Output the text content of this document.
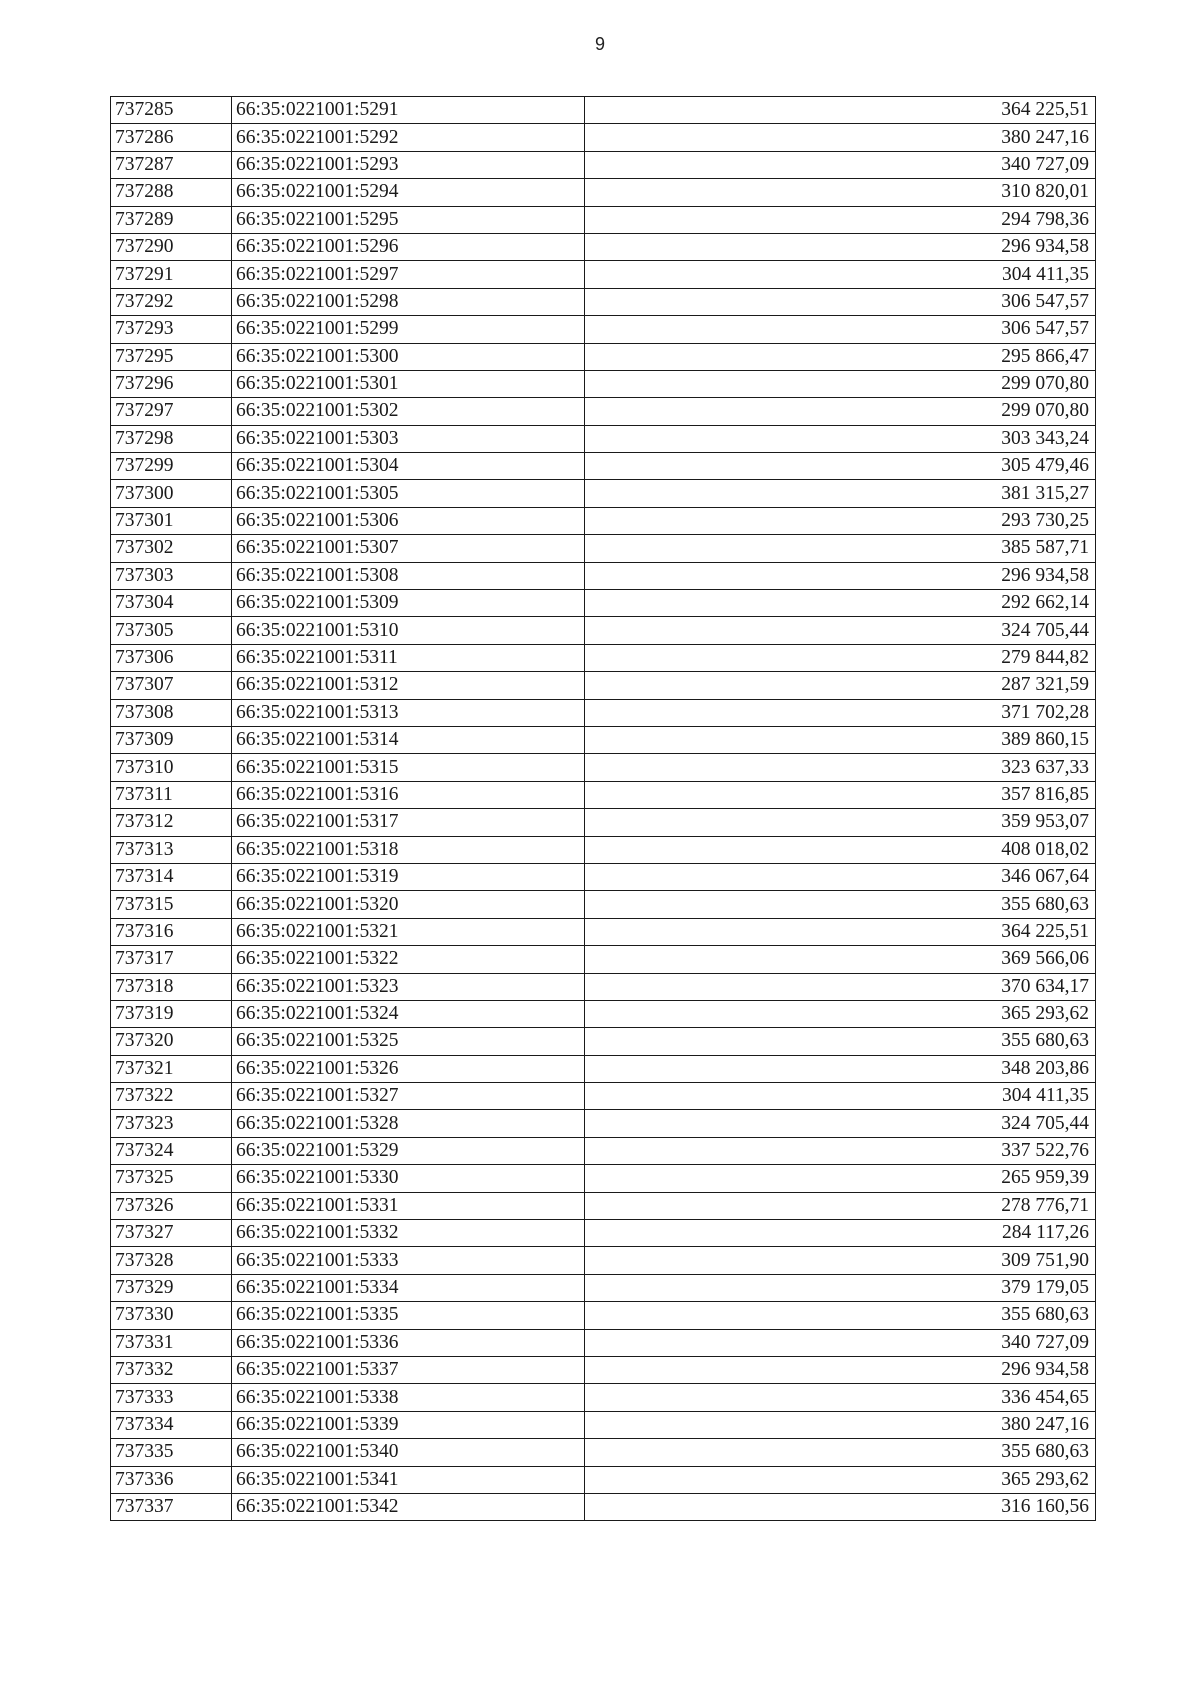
9
737285	66:35:0221001:5291	364 225,51
737286	66:35:0221001:5292	380 247,16
737287	66:35:0221001:5293	340 727,09
737288	66:35:0221001:5294	310 820,01
737289	66:35:0221001:5295	294 798,36
737290	66:35:0221001:5296	296 934,58
737291	66:35:0221001:5297	304 411,35
737292	66:35:0221001:5298	306 547,57
737293	66:35:0221001:5299	306 547,57
737295	66:35:0221001:5300	295 866,47
737296	66:35:0221001:5301	299 070,80
737297	66:35:0221001:5302	299 070,80
737298	66:35:0221001:5303	303 343,24
737299	66:35:0221001:5304	305 479,46
737300	66:35:0221001:5305	381 315,27
737301	66:35:0221001:5306	293 730,25
737302	66:35:0221001:5307	385 587,71
737303	66:35:0221001:5308	296 934,58
737304	66:35:0221001:5309	292 662,14
737305	66:35:0221001:5310	324 705,44
737306	66:35:0221001:5311	279 844,82
737307	66:35:0221001:5312	287 321,59
737308	66:35:0221001:5313	371 702,28
737309	66:35:0221001:5314	389 860,15
737310	66:35:0221001:5315	323 637,33
737311	66:35:0221001:5316	357 816,85
737312	66:35:0221001:5317	359 953,07
737313	66:35:0221001:5318	408 018,02
737314	66:35:0221001:5319	346 067,64
737315	66:35:0221001:5320	355 680,63
737316	66:35:0221001:5321	364 225,51
737317	66:35:0221001:5322	369 566,06
737318	66:35:0221001:5323	370 634,17
737319	66:35:0221001:5324	365 293,62
737320	66:35:0221001:5325	355 680,63
737321	66:35:0221001:5326	348 203,86
737322	66:35:0221001:5327	304 411,35
737323	66:35:0221001:5328	324 705,44
737324	66:35:0221001:5329	337 522,76
737325	66:35:0221001:5330	265 959,39
737326	66:35:0221001:5331	278 776,71
737327	66:35:0221001:5332	284 117,26
737328	66:35:0221001:5333	309 751,90
737329	66:35:0221001:5334	379 179,05
737330	66:35:0221001:5335	355 680,63
737331	66:35:0221001:5336	340 727,09
737332	66:35:0221001:5337	296 934,58
737333	66:35:0221001:5338	336 454,65
737334	66:35:0221001:5339	380 247,16
737335	66:35:0221001:5340	355 680,63
737336	66:35:0221001:5341	365 293,62
737337	66:35:0221001:5342	316 160,56
